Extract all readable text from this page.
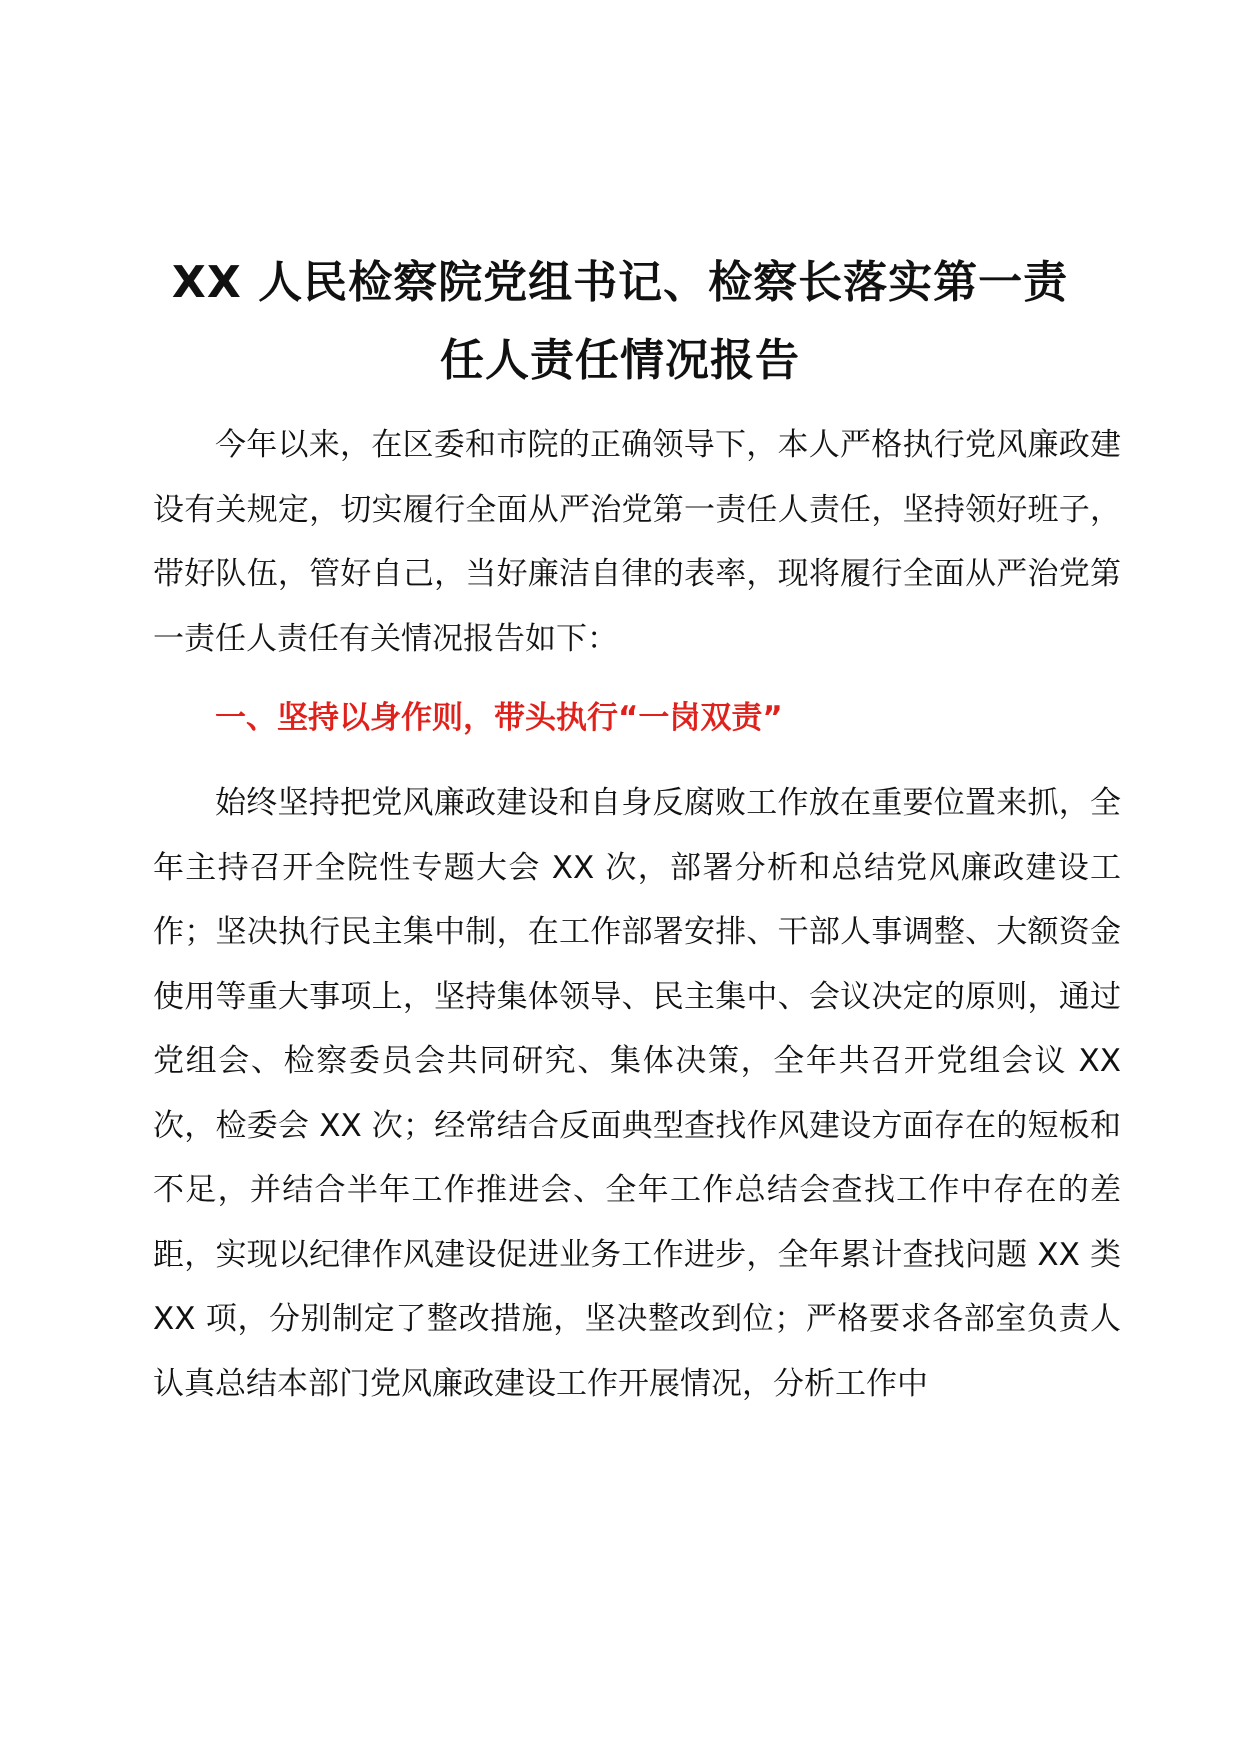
XX 人民检察院党组书记、检察长落实第一责
任人责任情况报告

今年以来，在区委和市院的正确领导下，本人严格执行党风廉政建设有关规定，切实履行全面从严治党第一责任人责任，坚持领好班子，带好队伍，管好自己，当好廉洁自律的表率，现将履行全面从严治党第一责任人责任有关情况报告如下：

一、坚持以身作则，带头执行“一岗双责”

始终坚持把党风廉政建设和自身反腐败工作放在重要位置来抓，全年主持召开全院性专题大会 XX 次，部署分析和总结党风廉政建设工作；坚决执行民主集中制，在工作部署安排、干部人事调整、大额资金使用等重大事项上，坚持集体领导、民主集中、会议决定的原则，通过党组会、检察委员会共同研究、集体决策，全年共召开党组会议 XX 次，检委会 XX 次；经常结合反面典型查找作风建设方面存在的短板和不足，并结合半年工作推进会、全年工作总结会查找工作中存在的差距，实现以纪律作风建设促进业务工作进步，全年累计查找问题 XX 类 XX 项，分别制定了整改措施，坚决整改到位；严格要求各部室负责人认真总结本部门党风廉政建设工作开展情况，分析工作中
